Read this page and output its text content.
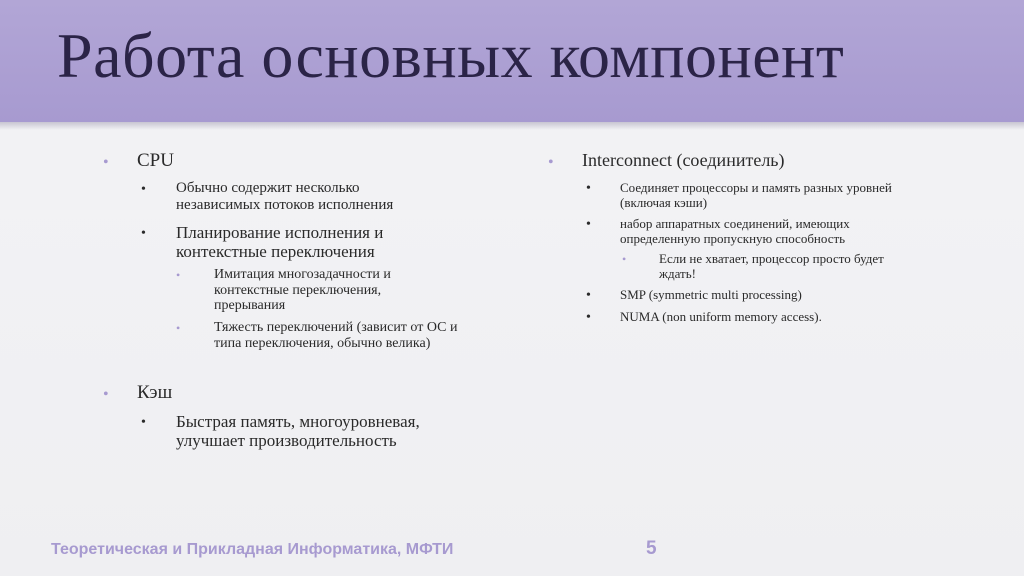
Работа основных компонент
• CPU
• Обычно содержит несколько независимых потоков исполнения
• Планирование исполнения и контекстные переключения
• Имитация многозадачности и контекстные переключения, прерывания
• Тяжесть переключений (зависит от ОС и типа переключения, обычно велика)
• Кэш
• Быстрая память, многоуровневая, улучшает производительность
• Interconnect (соединитель)
• Соединяет процессоры и память разных уровней (включая кэши)
• набор аппаратных соединений, имеющих определенную пропускную способность
•	Если не хватает, процессор просто будет ждать!
• SMP (symmetric multi processing)
• NUMA (non uniform memory access).
Теоретическая и Прикладная Информатика, МФТИ	5
